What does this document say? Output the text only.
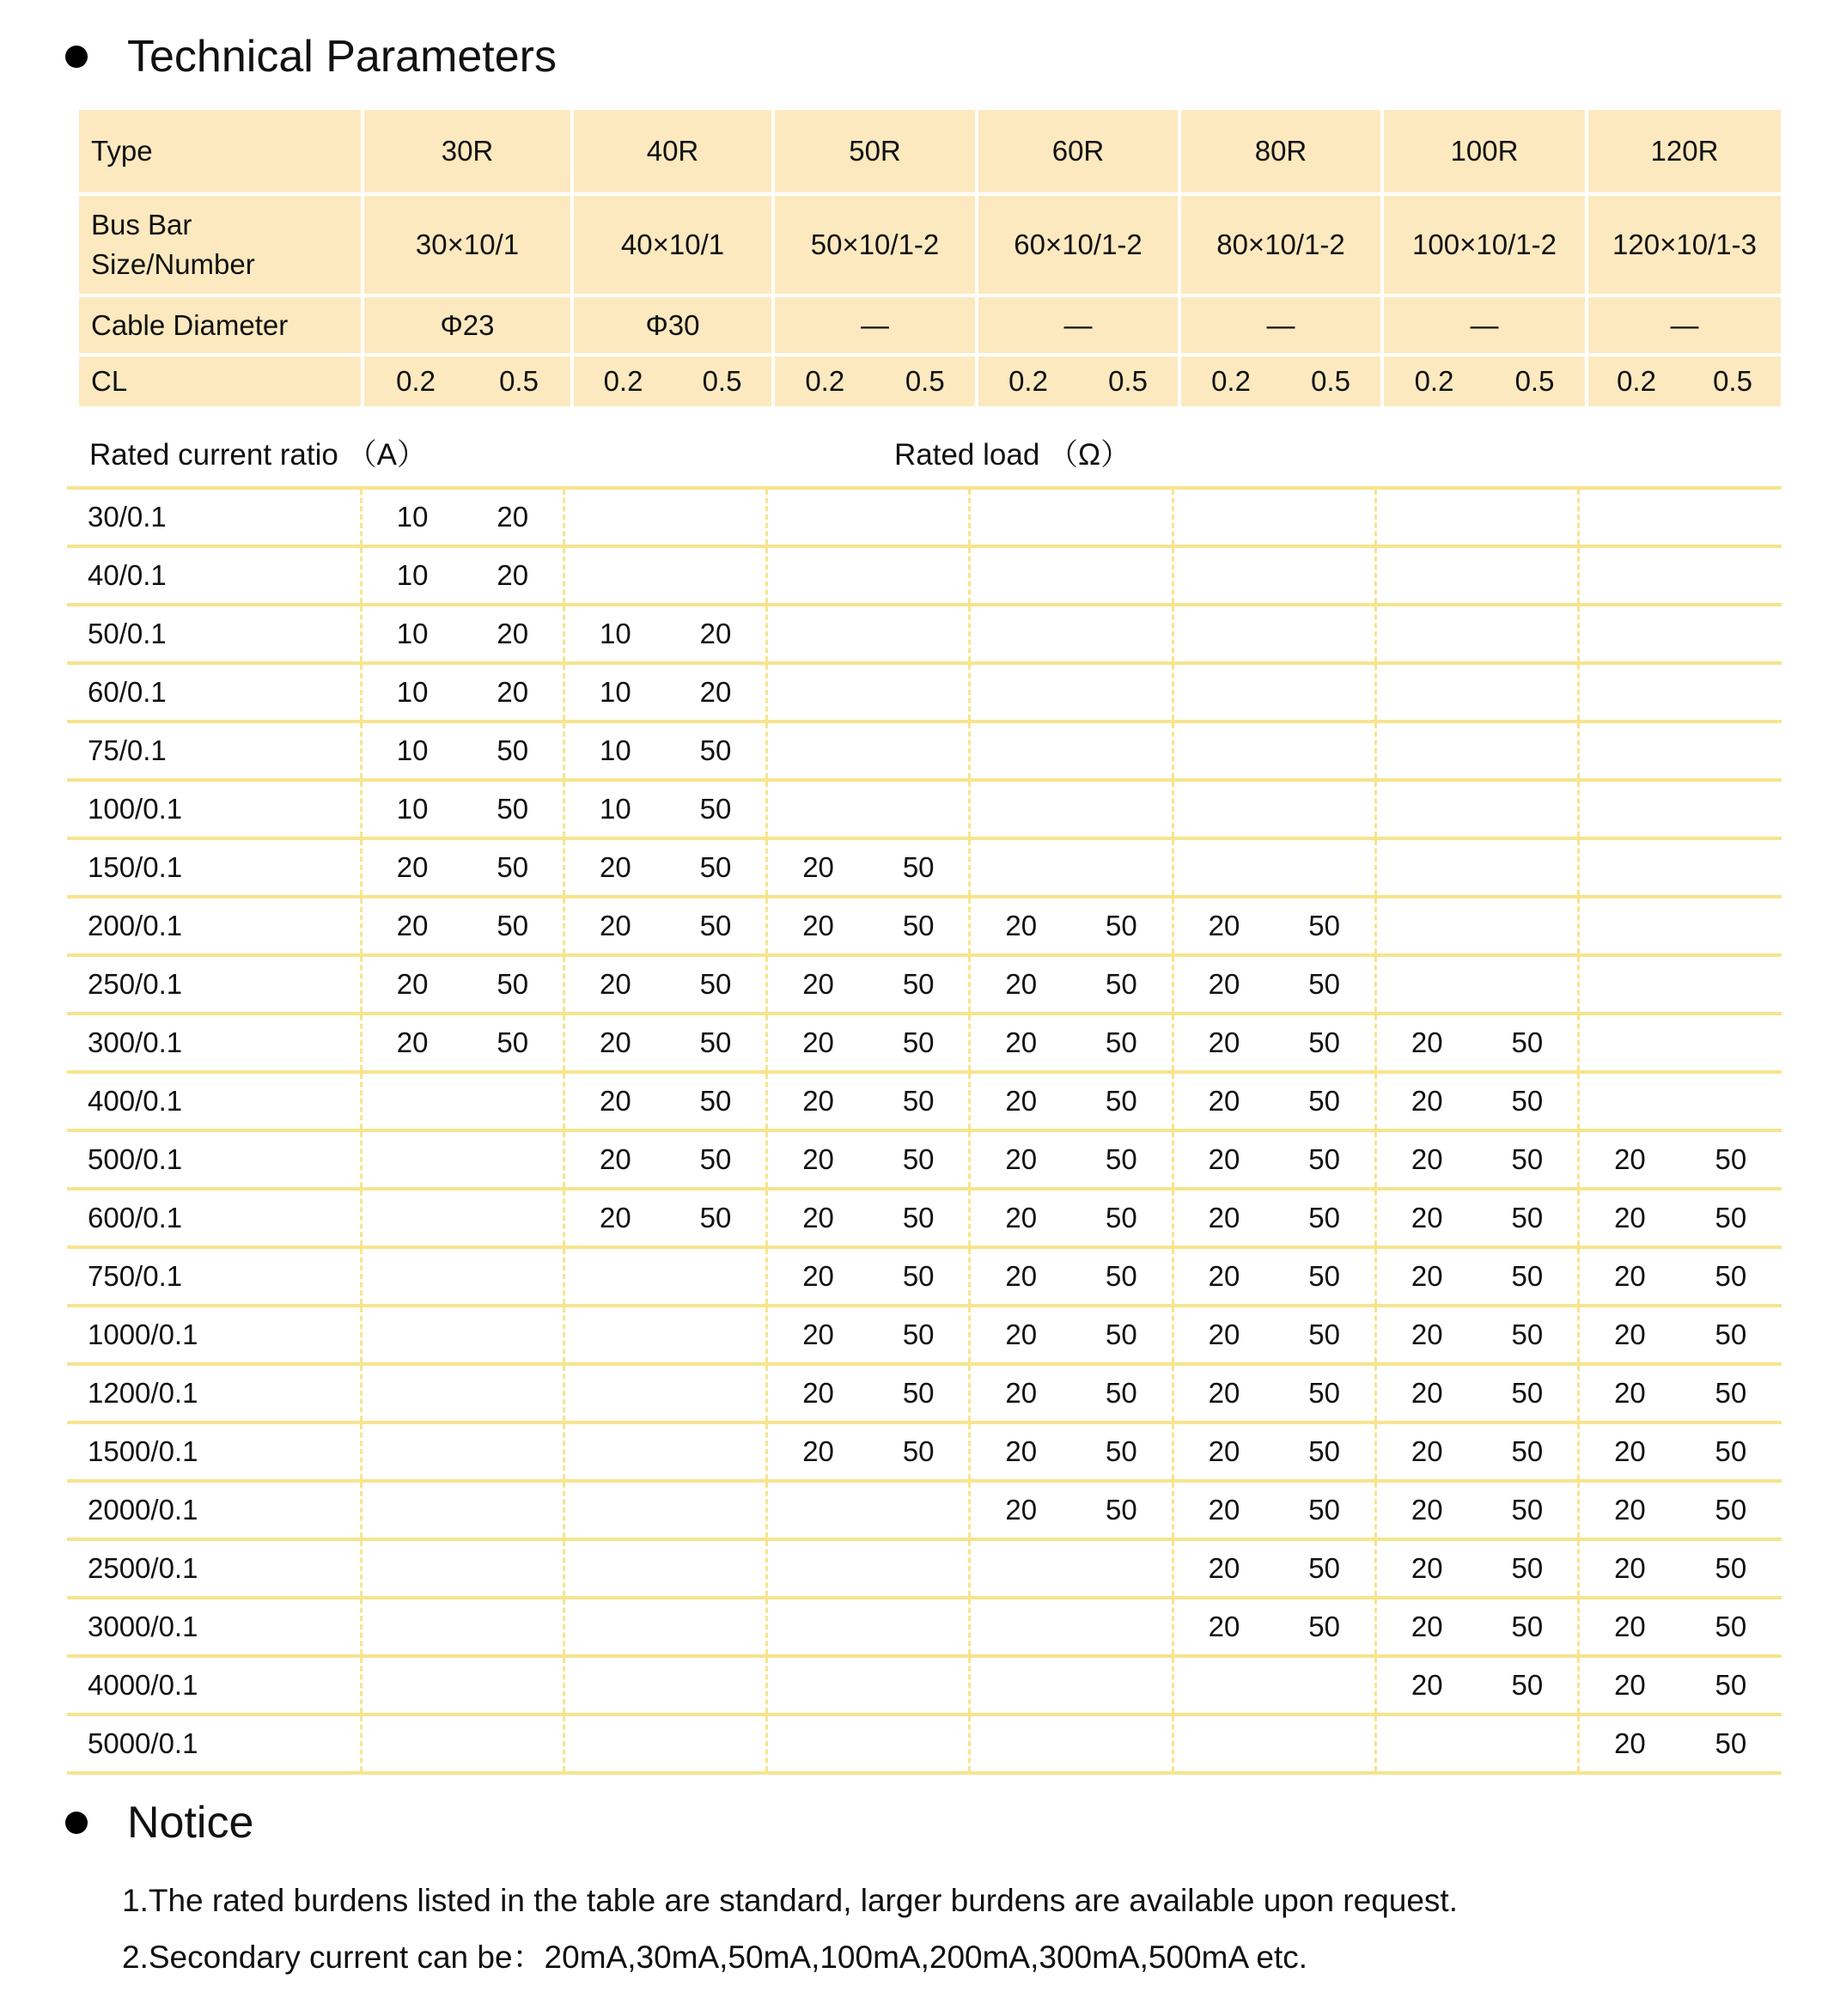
Technical Parameters
Type	30R	40R	50R	60R	80R	100R	120R

Bus Bar
Size/Number	30×10/1	40×10/1	50×10/1-2	60×10/1-2	80×10/1-2	100×10/1-2	120×10/1-3
Cable Diameter	Φ23	Φ30	—	—	—	—	—
CL	0.2 0.5	0.2 0.5	0.2 0.5	0.2 0.5	0.2 0.5	0.2 0.5	0.2 0.5
Rated current ratio （A）	Rated load （Ω）
30/0.1	10	20												
40/0.1	10	20												
50/0.1	10	20	10	20										
60/0.1	10	20	10	20										
75/0.1	10	50	10	50										
100/0.1	10	50	10	50										
150/0.1	20	50	20	50	20	50								
200/0.1	20	50	20	50	20	50	20	50	20	50				
250/0.1	20	50	20	50	20	50	20	50	20	50				
300/0.1	20	50	20	50	20	50	20	50	20	50	20	50		
400/0.1			20	50	20	50	20	50	20	50	20	50		
500/0.1			20	50	20	50	20	50	20	50	20	50	20	50
600/0.1			20	50	20	50	20	50	20	50	20	50	20	50
750/0.1					20	50	20	50	20	50	20	50	20	50
1000/0.1					20	50	20	50	20	50	20	50	20	50
1200/0.1					20	50	20	50	20	50	20	50	20	50
1500/0.1					20	50	20	50	20	50	20	50	20	50
2000/0.1							20	50	20	50	20	50	20	50
2500/0.1									20	50	20	50	20	50
3000/0.1									20	50	20	50	20	50
4000/0.1											20	50	20	50
5000/0.1													20	50
Notice
1.The rated burdens listed in the table are standard, larger burdens are available upon request.
2.Secondary current can be：20mA,30mA,50mA,100mA,200mA,300mA,500mA etc.
